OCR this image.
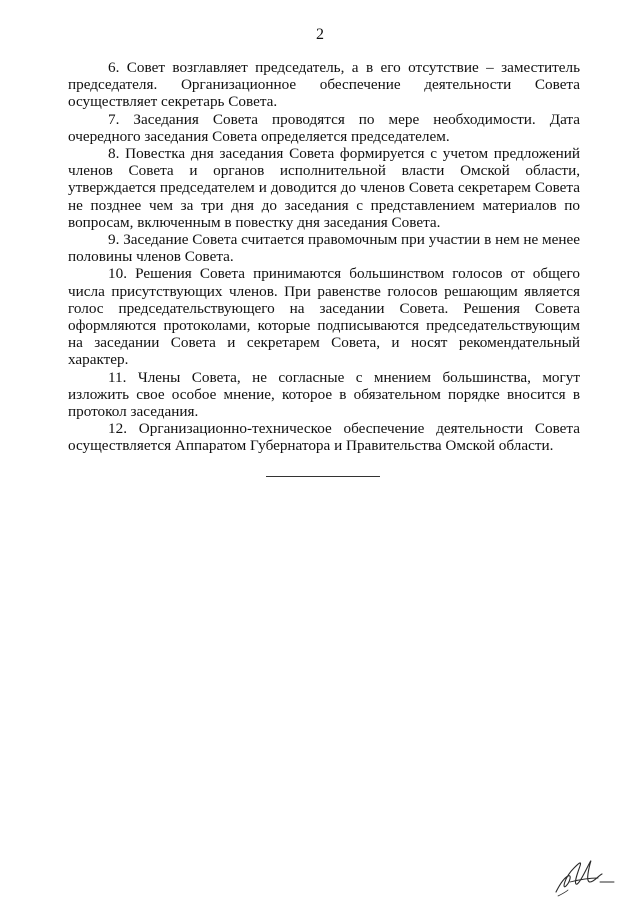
2

6. Совет возглавляет председатель, а в его отсутствие – заместитель председателя. Организационное обеспечение деятельности Совета осуществляет секретарь Совета.

7. Заседания Совета проводятся по мере необходимости. Дата очередного заседания Совета определяется председателем.

8. Повестка дня заседания Совета формируется с учетом предложений членов Совета и органов исполнительной власти Омской области, утверждается председателем и доводится до членов Совета секретарем Совета не позднее чем за три дня до заседания с представлением материалов по вопросам, включенным в повестку дня заседания Совета.

9. Заседание Совета считается правомочным при участии в нем не менее половины членов Совета.

10. Решения Совета принимаются большинством голосов от общего числа присутствующих членов. При равенстве голосов решающим является голос председательствующего на заседании Совета. Решения Совета оформляются протоколами, которые подписываются председательствующим на заседании Совета и секретарем Совета, и носят рекомендательный характер.

11. Члены Совета, не согласные с мнением большинства, могут изложить свое особое мнение, которое в обязательном порядке вносится в протокол заседания.

12. Организационно-техническое обеспечение деятельности Совета осуществляется Аппаратом Губернатора и Правительства Омской области.
